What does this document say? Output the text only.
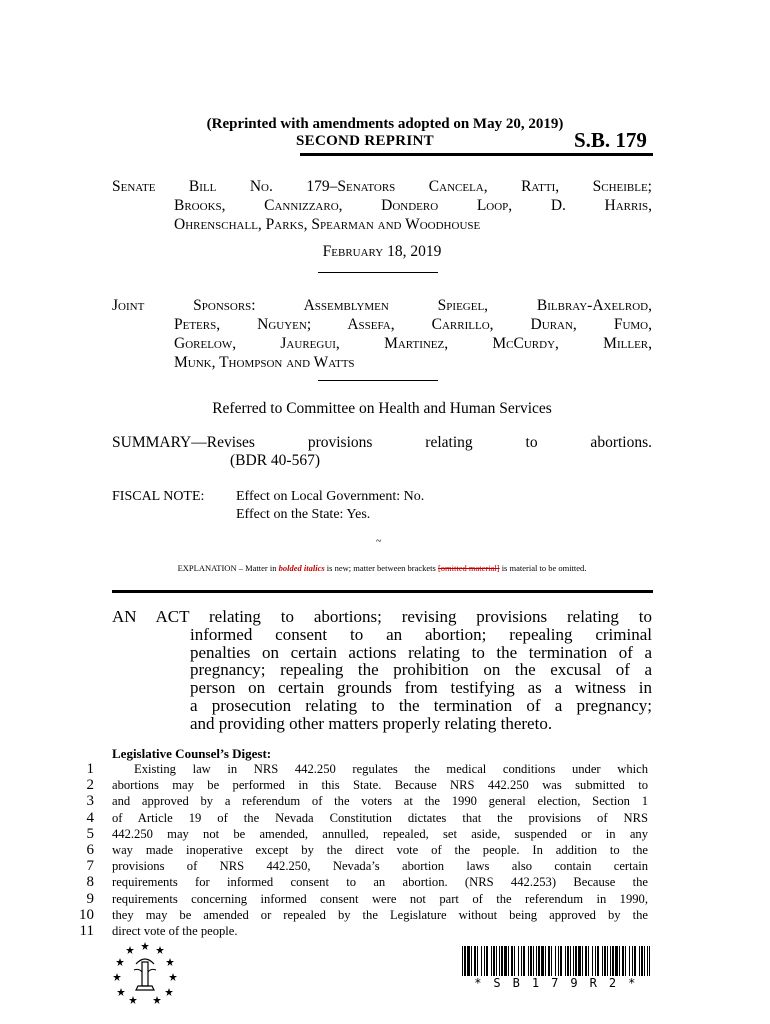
(Reprinted with amendments adopted on May 20, 2019)
SECOND REPRINT	S.B. 179
Senate Bill No. 179–Senators Cancela, Ratti, Scheible;
Brooks, Cannizzaro, Dondero Loop, D. Harris,
Ohrenschall, Parks, Spearman and Woodhouse
February 18, 2019
Joint Sponsors: Assemblymen Spiegel, Bilbray-Axelrod,
Peters, Nguyen; Assefa, Carrillo, Duran, Fumo,
Gorelow, Jauregui, Martinez, McCurdy, Miller,
Munk, Thompson and Watts
Referred to Committee on Health and Human Services
SUMMARY—Revises provisions relating to abortions.
(BDR 40-567)
FISCAL NOTE:	Effect on Local Government: No.
Effect on the State: Yes.
~
EXPLANATION – Matter in bolded italics is new; matter between brackets [omitted material] is material to be omitted.
AN ACT relating to abortions; revising provisions relating to
informed consent to an abortion; repealing criminal
penalties on certain actions relating to the termination of a
pregnancy; repealing the prohibition on the excusal of a
person on certain grounds from testifying as a witness in
a prosecution relating to the termination of a pregnancy;
and providing other matters properly relating thereto.
Legislative Counsel’s Digest:
1
2
3
4
5
6
7
8
9
10
11
Existing law in NRS 442.250 regulates the medical conditions under which
abortions may be performed in this State. Because NRS 442.250 was submitted to
and approved by a referendum of the voters at the 1990 general election, Section 1
of Article 19 of the Nevada Constitution dictates that the provisions of NRS
442.250 may not be amended, annulled, repealed, set aside, suspended or in any
way made inoperative except by the direct vote of the people. In addition to the
provisions of NRS 442.250, Nevada’s abortion laws also contain certain
requirements for informed consent to an abortion. (NRS 442.253) Because the
requirements concerning informed consent were not part of the referendum in 1990,
they may be amended or repealed by the Legislature without being approved by the
direct vote of the people.
* S B 1 7 9 R 2 *
